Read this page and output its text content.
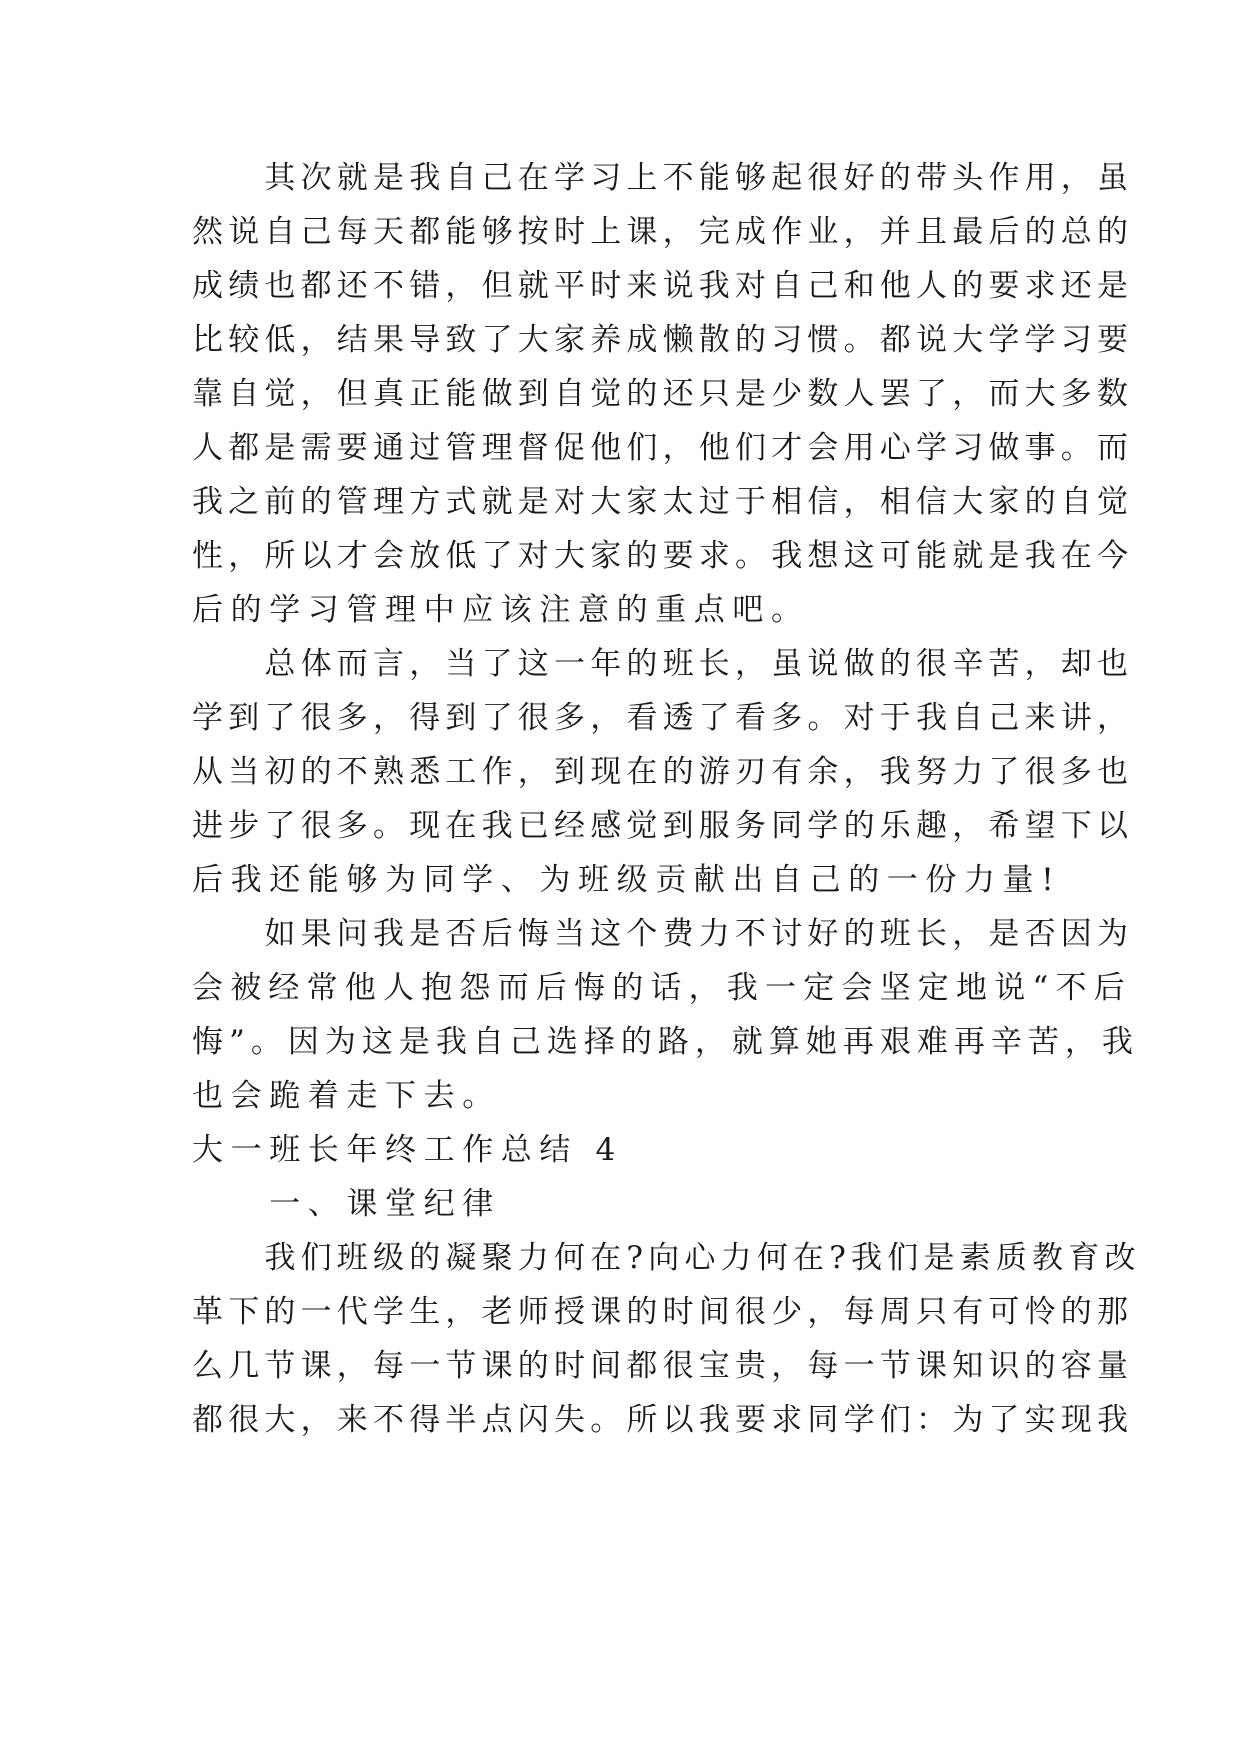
　　其次就是我自己在学习上不能够起很好的带头作用，虽

然说自己每天都能够按时上课，完成作业，并且最后的总的

成绩也都还不错，但就平时来说我对自己和他人的要求还是

比较低，结果导致了大家养成懒散的习惯。都说大学学习要

靠自觉，但真正能做到自觉的还只是少数人罢了，而大多数

人都是需要通过管理督促他们，他们才会用心学习做事。而

我之前的管理方式就是对大家太过于相信，相信大家的自觉

性，所以才会放低了对大家的要求。我想这可能就是我在今

后的学习管理中应该注意的重点吧。

　　总体而言，当了这一年的班长，虽说做的很辛苦，却也

学到了很多，得到了很多，看透了看多。对于我自己来讲，

从当初的不熟悉工作，到现在的游刃有余，我努力了很多也

进步了很多。现在我已经感觉到服务同学的乐趣，希望下以

后我还能够为同学、为班级贡献出自己的一份力量!

　　如果问我是否后悔当这个费力不讨好的班长，是否因为

会被经常他人抱怨而后悔的话，我一定会坚定地说“不后

悔”。因为这是我自己选择的路，就算她再艰难再辛苦，我

也会跪着走下去。

大一班长年终工作总结 4

　　一、课堂纪律

　　我们班级的凝聚力何在?向心力何在?我们是素质教育改

革下的一代学生，老师授课的时间很少，每周只有可怜的那

么几节课，每一节课的时间都很宝贵，每一节课知识的容量

都很大，来不得半点闪失。所以我要求同学们：为了实现我
